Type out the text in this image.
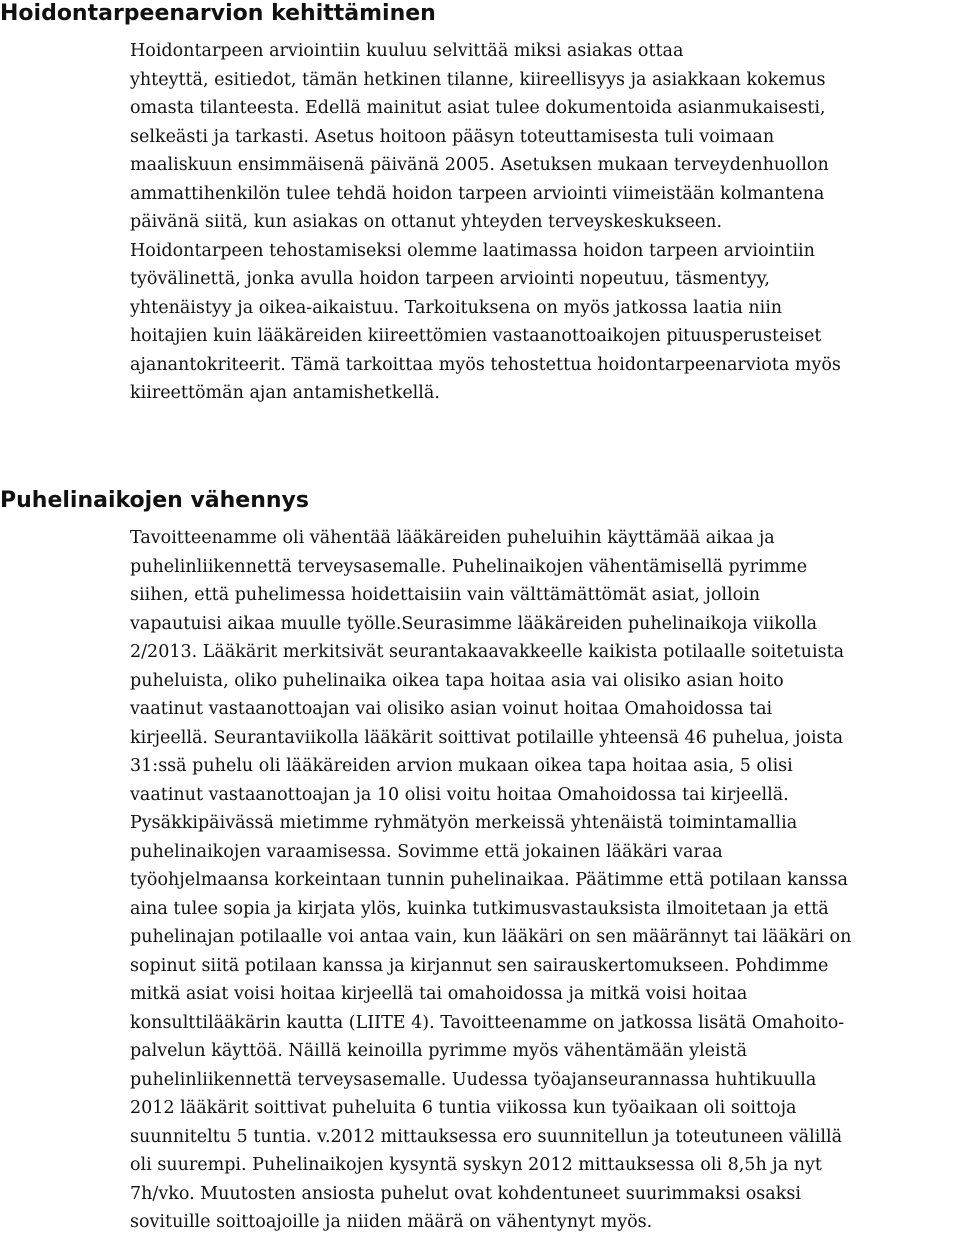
Hoidontarpeenarvion kehittäminen
Hoidontarpeen arviointiin kuuluu selvittää miksi asiakas ottaa
yhteyttä, esitiedot, tämän hetkinen tilanne, kiireellisyys ja asiakkaan kokemus
omasta tilanteesta. Edellä mainitut asiat tulee dokumentoida asianmukaisesti,
selkeästi ja tarkasti. Asetus hoitoon pääsyn toteuttamisesta tuli voimaan
maaliskuun ensimmäisenä päivänä 2005. Asetuksen mukaan terveydenhuollon
ammattihenkilön tulee tehdä hoidon tarpeen arviointi viimeistään kolmantena
päivänä siitä, kun asiakas on ottanut yhteyden terveyskeskukseen.
Hoidontarpeen tehostamiseksi olemme laatimassa hoidon tarpeen arviointiin
työvälinettä, jonka avulla hoidon tarpeen arviointi nopeutuu, täsmentyy,
yhtenäistyy ja oikea-aikaistuu. Tarkoituksena on myös jatkossa laatia niin
hoitajien kuin lääkäreiden kiireettömien vastaanottoaikojen pituusperusteiset
ajanantokriteerit. Tämä tarkoittaa myös tehostettua hoidontarpeenarviota myös
kiireettömän ajan antamishetkellä.
Puhelinaikojen vähennys
Tavoitteenamme oli vähentää lääkäreiden puheluihin käyttämää aikaa ja
puhelinliikennettä terveysasemalle. Puhelinaikojen vähentämisellä pyrimme
siihen, että puhelimessa hoidettaisiin vain välttämättömät asiat, jolloin
vapautuisi aikaa muulle työlle.Seurasimme lääkäreiden puhelinaikoja viikolla
2/2013. Lääkärit merkitsivät seurantakaavakkeelle kaikista potilaalle soitetuista
puheluista, oliko puhelinaika oikea tapa hoitaa asia vai olisiko asian hoito
vaatinut vastaanottoajan vai olisiko asian voinut hoitaa Omahoidossa tai
kirjeellä. Seurantaviikolla lääkärit soittivat potilaille yhteensä 46 puhelua, joista
31:ssä puhelu oli lääkäreiden arvion mukaan oikea tapa hoitaa asia, 5 olisi
vaatinut vastaanottoajan ja 10 olisi voitu hoitaa Omahoidossa tai kirjeellä.
Pysäkkipäivässä mietimme ryhmätyön merkeissä yhtenäistä toimintamallia
puhelinaikojen varaamisessa. Sovimme että jokainen lääkäri varaa
työohjelmaansa korkeintaan tunnin puhelinaikaa. Päätimme että potilaan kanssa
aina tulee sopia ja kirjata ylös, kuinka tutkimusvastauksista ilmoitetaan ja että
puhelinajan potilaalle voi antaa vain, kun lääkäri on sen määrännyt tai lääkäri on
sopinut siitä potilaan kanssa ja kirjannut sen sairauskertomukseen. Pohdimme
mitkä asiat voisi hoitaa kirjeellä tai omahoidossa ja mitkä voisi hoitaa
konsulttilääkärin kautta (LIITE 4). Tavoitteenamme on jatkossa lisätä Omahoito-
palvelun käyttöä. Näillä keinoilla pyrimme myös vähentämään yleistä
puhelinliikennettä terveysasemalle. Uudessa työajanseurannassa huhtikuulla
2012 lääkärit soittivat puheluita 6 tuntia viikossa kun työaikaan oli soittoja
suunniteltu 5 tuntia. v.2012 mittauksessa ero suunnitellun ja toteutuneen välillä
oli suurempi. Puhelinaikojen kysyntä syskyn 2012 mittauksessa oli 8,5h ja nyt
7h/vko. Muutosten ansiosta puhelut ovat kohdentuneet suurimmaksi osaksi
sovituille soittoajoille ja niiden määrä on vähentynyt myös.
